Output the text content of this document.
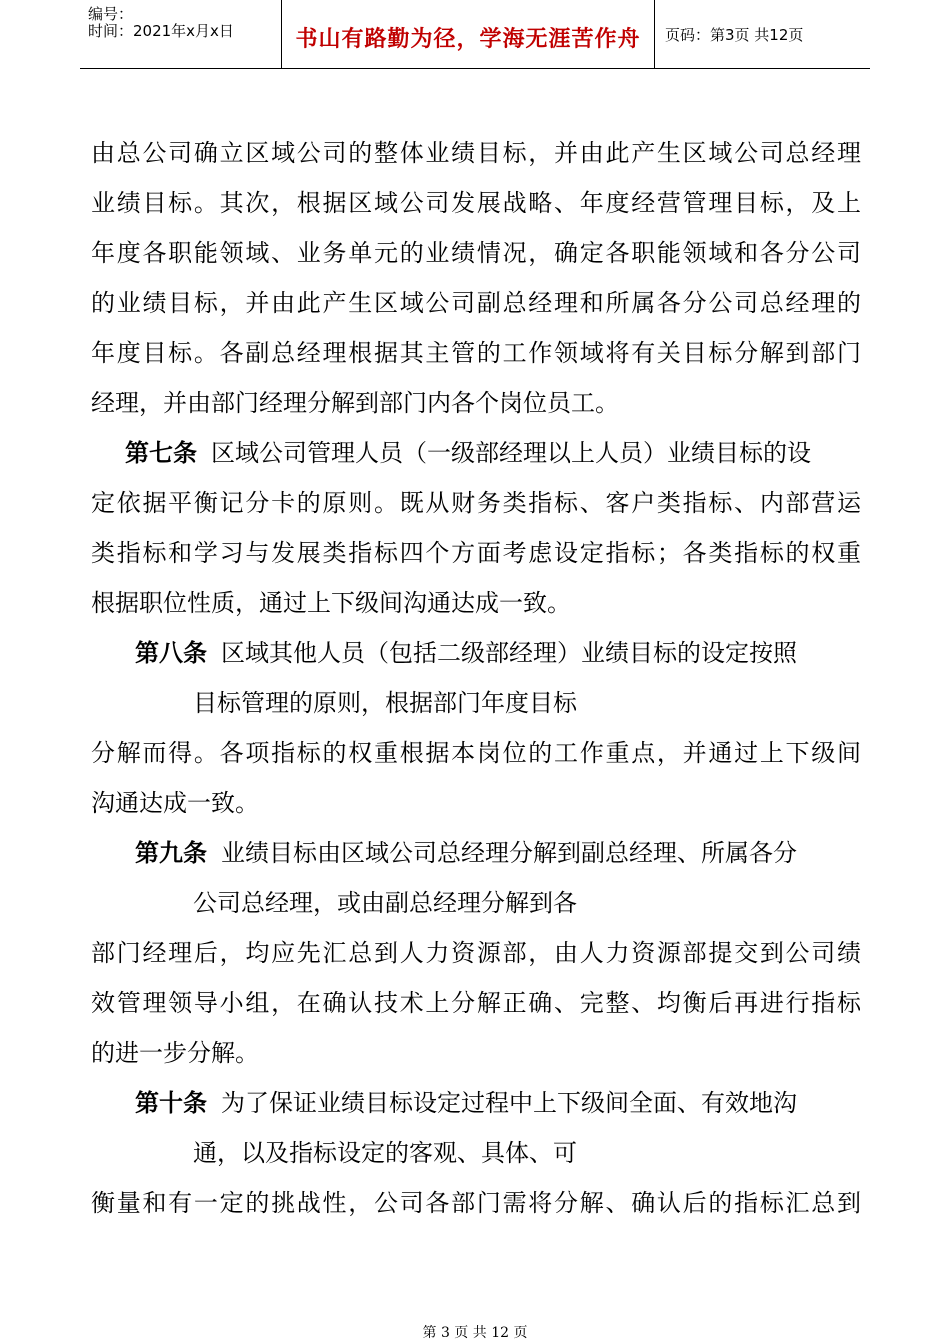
编号：
时间：2021年x月x日	书山有路勤为径，学海无涯苦作舟	页码：第3页 共12页
由总公司确立区域公司的整体业绩目标，并由此产生区域公司总经理
业绩目标。其次，根据区域公司发展战略、年度经营管理目标，及上
年度各职能领域、业务单元的业绩情况，确定各职能领域和各分公司
的业绩目标，并由此产生区域公司副总经理和所属各分公司总经理的
年度目标。各副总经理根据其主管的工作领域将有关目标分解到部门
经理，并由部门经理分解到部门内各个岗位员工。
第七条 区域公司管理人员（一级部经理以上人员）业绩目标的设
定依据平衡记分卡的原则。既从财务类指标、客户类指标、内部营运
类指标和学习与发展类指标四个方面考虑设定指标；各类指标的权重
根据职位性质，通过上下级间沟通达成一致。
第八条 区域其他人员（包括二级部经理）业绩目标的设定按照
目标管理的原则，根据部门年度目标
分解而得。各项指标的权重根据本岗位的工作重点，并通过上下级间
沟通达成一致。
第九条 业绩目标由区域公司总经理分解到副总经理、所属各分
公司总经理，或由副总经理分解到各
部门经理后，均应先汇总到人力资源部，由人力资源部提交到公司绩
效管理领导小组，在确认技术上分解正确、完整、均衡后再进行指标
的进一步分解。
第十条 为了保证业绩目标设定过程中上下级间全面、有效地沟
通，以及指标设定的客观、具体、可
衡量和有一定的挑战性，公司各部门需将分解、确认后的指标汇总到
第 3 页 共 12 页
